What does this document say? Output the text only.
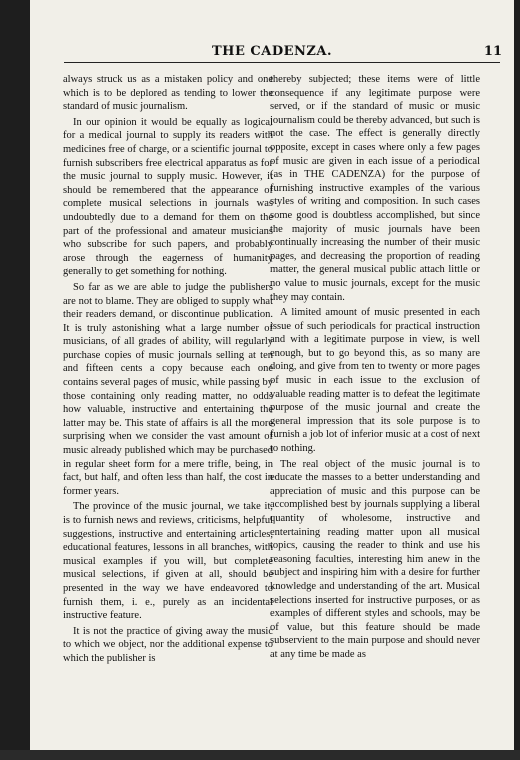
THE CADENZA.	11

always struck us as a mistaken policy and one which is to be deplored as tending to lower the standard of music journalism.

In our opinion it would be equally as logical for a medical journal to supply its readers with medicines free of charge, or a scientific journal to furnish subscribers free electrical apparatus as for the music journal to supply music. However, it should be remembered that the appearance of complete musical selections in journals was undoubtedly due to a demand for them on the part of the professional and amateur musicians who subscribe for such papers, and probably arose through the eagerness of humanity generally to get something for nothing.

So far as we are able to judge the publishers are not to blame. They are obliged to supply what their readers demand, or discontinue publication. It is truly astonishing what a large number of musicians, of all grades of ability, will regularly purchase copies of music journals selling at ten and fifteen cents a copy because each one contains several pages of music, while passing by those containing only reading matter, no odds how valuable, instructive and entertaining the latter may be. This state of affairs is all the more surprising when we consider the vast amount of music already published which may be purchased in regular sheet form for a mere trifle, being, in fact, but half, and often less than half, the cost in former years.

The province of the music journal, we take it, is to furnish news and reviews, criticisms, helpful suggestions, instructive and entertaining articles, educational features, lessons in all branches, with musical examples if you will, but complete musical selections, if given at all, should be presented in the way we have endeavored to furnish them, i. e., purely as an incidental instructive feature.

It is not the practice of giving away the music to which we object, nor the additional expense to which the publisher is

thereby subjected; these items were of little consequence if any legitimate purpose were served, or if the standard of music or music journalism could be thereby advanced, but such is not the case. The effect is generally directly opposite, except in cases where only a few pages of music are given in each issue of a periodical (as in THE CADENZA) for the purpose of furnishing instructive examples of the various styles of writing and composition. In such cases some good is doubtless accomplished, but since the majority of music journals have been continually increasing the number of their music pages, and decreasing the proportion of reading matter, the general musical public attach little or no value to music journals, except for the music they may contain.

A limited amount of music presented in each issue of such periodicals for practical instruction and with a legitimate purpose in view, is well enough, but to go beyond this, as so many are doing, and give from ten to twenty or more pages of music in each issue to the exclusion of valuable reading matter is to defeat the legitimate purpose of the music journal and create the general impression that its sole purpose is to furnish a job lot of inferior music at a cost of next to nothing.

The real object of the music journal is to educate the masses to a better understanding and appreciation of music and this purpose can be accomplished best by journals supplying a liberal quantity of wholesome, instructive and entertaining reading matter upon all musical topics, causing the reader to think and use his reasoning faculties, interesting him anew in the subject and inspiring him with a desire for further knowledge and understanding of the art. Musical selections inserted for instructive purposes, or as examples of different styles and schools, may be of value, but this feature should be made subservient to the main purpose and should never at any time be made as
